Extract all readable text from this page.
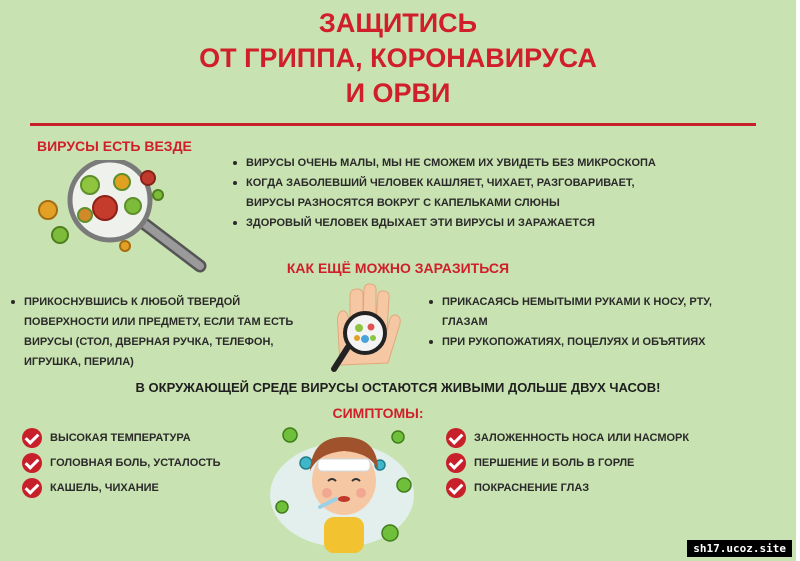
ЗАЩИТИСЬ
ОТ ГРИППА, КОРОНАВИРУСА
И ОРВИ
ВИРУСЫ ЕСТЬ ВЕЗДЕ
ВИРУСЫ ОЧЕНЬ МАЛЫ, МЫ НЕ СМОЖЕМ ИХ УВИДЕТЬ БЕЗ МИКРОСКОПА
КОГДА ЗАБОЛЕВШИЙ ЧЕЛОВЕК КАШЛЯЕТ, ЧИХАЕТ, РАЗГОВАРИВАЕТ,
ВИРУСЫ РАЗНОСЯТСЯ ВОКРУГ С КАПЕЛЬКАМИ СЛЮНЫ
ЗДОРОВЫЙ ЧЕЛОВЕК ВДЫХАЕТ ЭТИ ВИРУСЫ И ЗАРАЖАЕТСЯ
КАК ЕЩЁ МОЖНО ЗАРАЗИТЬСЯ
ПРИКОСНУВШИСЬ К ЛЮБОЙ ТВЕРДОЙ
ПОВЕРХНОСТИ ИЛИ ПРЕДМЕТУ, ЕСЛИ ТАМ ЕСТЬ
ВИРУСЫ (СТОЛ, ДВЕРНАЯ РУЧКА, ТЕЛЕФОН,
ИГРУШКА, ПЕРИЛА)
ПРИКАСАЯСЬ НЕМЫТЫМИ РУКАМИ К НОСУ, РТУ,
ГЛАЗАМ
ПРИ РУКОПОЖАТИЯХ, ПОЦЕЛУЯХ И ОБЪЯТИЯХ
В ОКРУЖАЮЩЕЙ СРЕДЕ ВИРУСЫ ОСТАЮТСЯ ЖИВЫМИ ДОЛЬШЕ ДВУХ ЧАСОВ!
СИМПТОМЫ:
ВЫСОКАЯ ТЕМПЕРАТУРА
ГОЛОВНАЯ БОЛЬ, УСТАЛОСТЬ
КАШЕЛЬ, ЧИХАНИЕ
ЗАЛОЖЕННОСТЬ НОСА ИЛИ НАСМОРК
ПЕРШЕНИЕ И БОЛЬ В ГОРЛЕ
ПОКРАСНЕНИЕ ГЛАЗ
sh17.ucoz.site
